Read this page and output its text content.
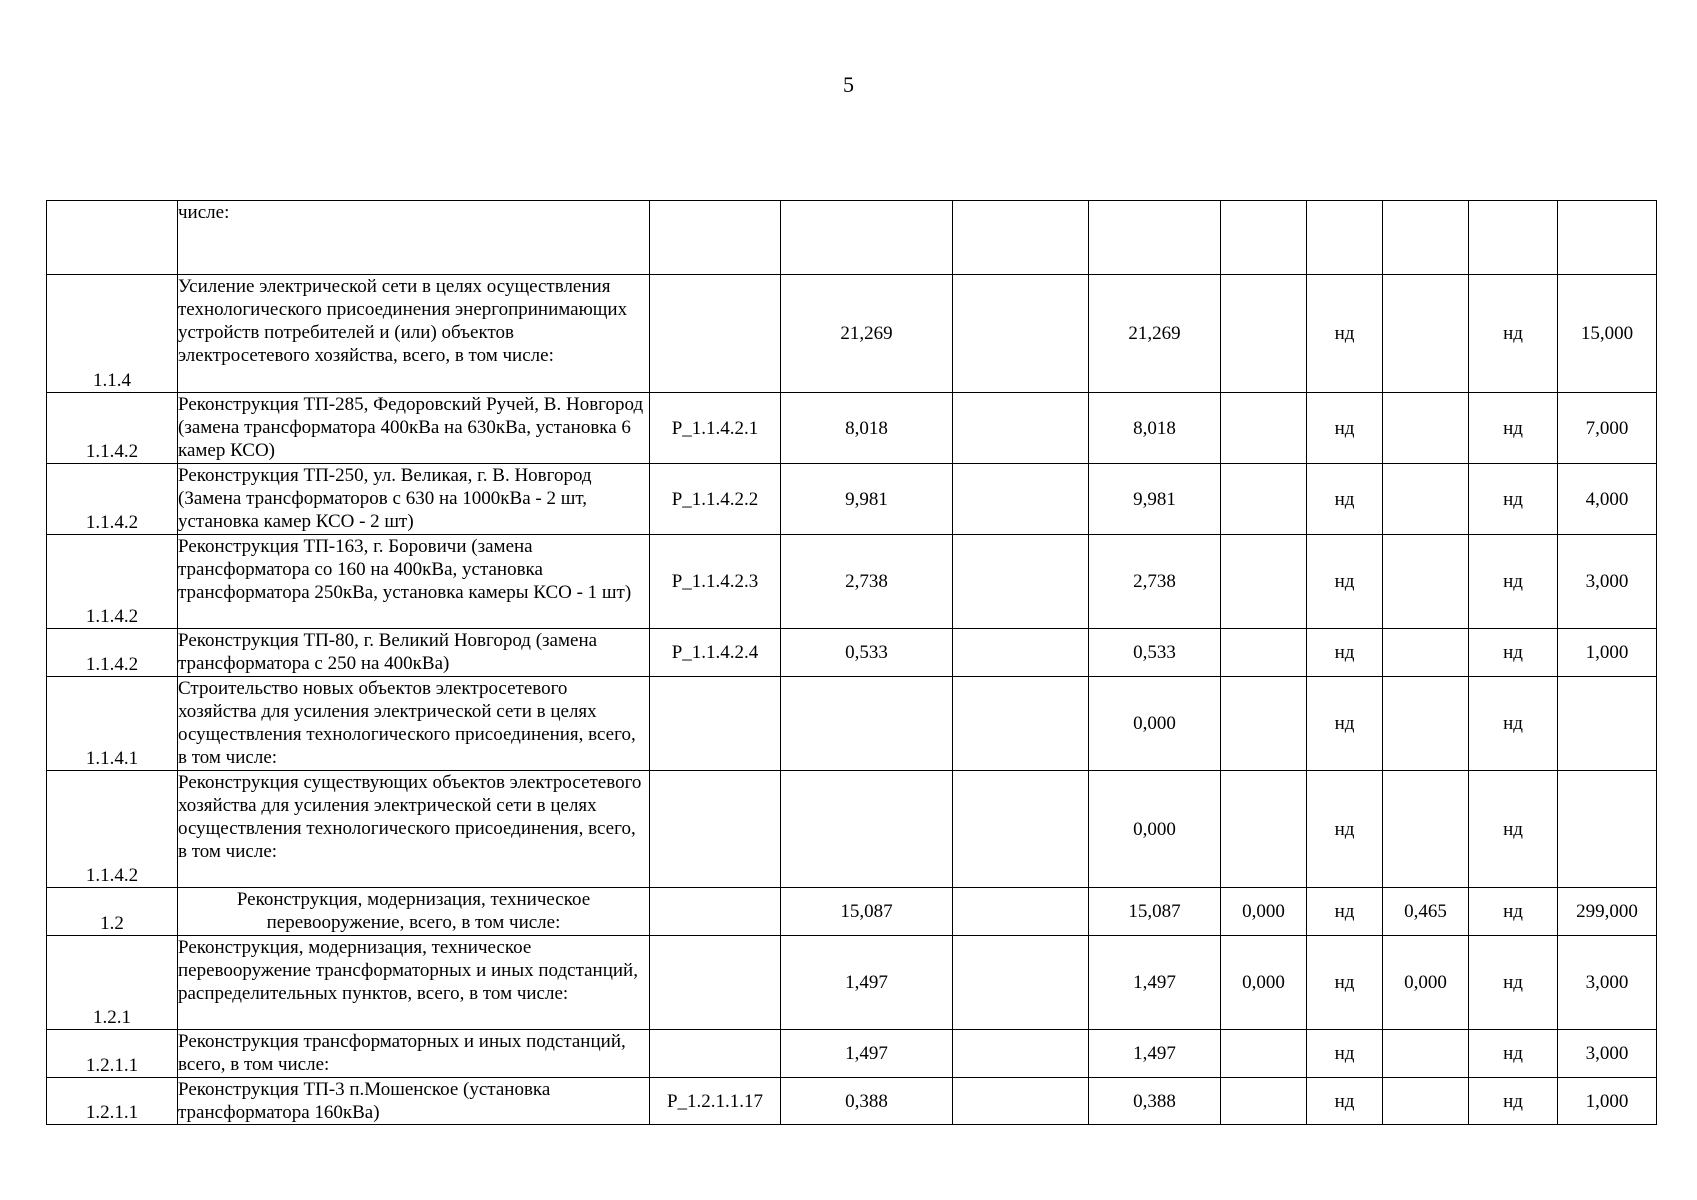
5
	числе:									
1.1.4	Усиление электрической сети в целях осуществления технологического присоединения энергопринимающих устройств потребителей и (или) объектов электросетевого хозяйства, всего, в том числе:		21,269		21,269		нд		нд	15,000
1.1.4.2	Реконструкция ТП-285, Федоровский Ручей, В. Новгород (замена трансформатора 400кВа на 630кВа, установка 6 камер КСО)	Р_1.1.4.2.1	8,018		8,018		нд		нд	7,000
1.1.4.2	Реконструкция ТП-250, ул. Великая, г. В. Новгород (Замена трансформаторов с 630 на 1000кВа - 2 шт, установка камер КСО - 2 шт)	Р_1.1.4.2.2	9,981		9,981		нд		нд	4,000
1.1.4.2	Реконструкция ТП-163, г. Боровичи (замена трансформатора со 160 на 400кВа, установка трансформатора 250кВа, установка камеры КСО - 1 шт)	Р_1.1.4.2.3	2,738		2,738		нд		нд	3,000
1.1.4.2	Реконструкция ТП-80, г. Великий Новгород (замена трансформатора с 250 на 400кВа)	Р_1.1.4.2.4	0,533		0,533		нд		нд	1,000
1.1.4.1	Строительство новых объектов электросетевого хозяйства для усиления электрической сети в целях осуществления технологического присоединения, всего, в том числе:				0,000		нд		нд	
1.1.4.2	Реконструкция существующих объектов электросетевого хозяйства для усиления электрической сети в целях осуществления технологического присоединения, всего, в том числе:				0,000		нд		нд	
1.2	Реконструкция, модернизация, техническое перевооружение, всего, в том числе:		15,087		15,087	0,000	нд	0,465	нд	299,000
1.2.1	Реконструкция, модернизация, техническое перевооружение трансформаторных и иных подстанций, распределительных пунктов, всего, в том числе:		1,497		1,497	0,000	нд	0,000	нд	3,000
1.2.1.1	Реконструкция трансформаторных и иных подстанций, всего, в том числе:		1,497		1,497		нд		нд	3,000
1.2.1.1	Реконструкция ТП-3 п.Мошенское (установка трансформатора 160кВа)	Р_1.2.1.1.17	0,388		0,388		нд		нд	1,000
